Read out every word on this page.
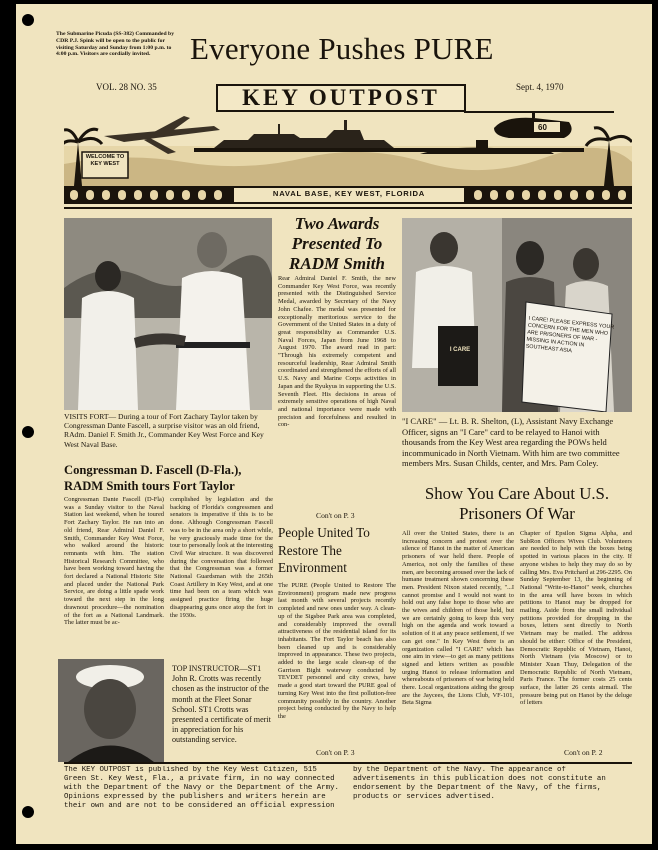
The Submarine Picuda (SS-382) Commanded by CDR P.J. Spink will be open to the public for visiting Saturday and Sunday from 1:00 p.m. to 4:00 p.m. Visitors are cordially invited.	Everyone Pushes PURE
VOL. 28 NO. 35	Sept. 4, 1970
KEY OUTPOST
60
WELCOME TO KEY WEST
NAVAL BASE, KEY WEST, FLORIDA
VISITS FORT— During a tour of Fort Zachary Taylor taken by Congressman Dante Fascell, a surprise visitor was an old friend, RAdm. Daniel F. Smith Jr., Commander Key West Force and Key West Naval Base.
Congressman D. Fascell (D-Fla.), RADM Smith tours Fort Taylor

Congressman Dante Fascell (D-Fla) was a Sunday visitor to the Naval Station last weekend, when he toured Fort Zachary Taylor. He ran into an old friend, Rear Admiral Daniel F. Smith, Commander Key West Force, who walked around the historic remnants with him. The station Historical Research Committee, who have been working toward having the fort declared a National Historic Site and placed under the National Park Service, are doing a little spade work toward the next step in the long drawnout procedure—the nomination of the fort as a National Landmark. The latter must be ac-

complished by legislation and the backing of Florida's congressmen and senators is imperative if this is to be done. Although Congressman Fascell was to be in the area only a short while, he very graciously made time for the tour to personally look at the interesting Civil War structure. It was discovered during the conversation that followed that the Congressman was a former National Guardsman with the 265th Coast Artillery in Key West, and at one time had been on a team which was assigned practice firing the huge disappearing guns once atop the fort in the 1930s.

TOP INSTRUCTOR—ST1 John R. Crotts was recently chosen as the instructor of the month at the Fleet Sonar School. ST1 Crotts was presented a certificate of merit in appreciation for his outstanding service.
Two Awards Presented To RADM Smith

Rear Admiral Daniel F. Smith, the new Commander Key West Force, was recently presented with the Distinguished Service Medal, awarded by Secretary of the Navy John Chafee. The medal was presented for exceptionally meritorious service to the Government of the United States in a duty of great responsibility as Commander U.S. Naval Forces, Japan from June 1968 to August 1970. The award read in part: "Through his extremely competent and resourceful leadership, Rear Admiral Smith coordinated and strengthened the efforts of all U.S. Navy and Marine Corps activities in Japan and the Ryukyus in supporting the U.S. Seventh Fleet. His decisions in areas of extremely sensitive operations of high Naval and national importance were made with precision and forcefulness and resulted in con-

Con't on P. 3
People United To Restore The Environment

The PURE (People United to Restore The Environment) program made new progress last month with several projects recently completed and new ones under way. A clean-up of the Sigsbee Park area was completed, and considerably improved the overall attractiveness of the residential island for its inhabitants. The Fort Taylor beach has also been cleaned up and is considerably improved in appearance. These two projects, added to the large scale clean-up of the Garrison Bight waterway conducted by TEVDET personnel and city crews, have made a good start toward the PURE goal of turning Key West into the first pollution-free community possibly in the country. Another project being conducted by the Navy to help the

Con't on P. 3
I CARE! PLEASE EXPRESS YOUR CONCERN FOR THE MEN WHO ARE PRISONERS OF WAR - MISSING IN ACTION IN SOUTHEAST ASIA
I CARE
"I CARE" — Lt. B. R. Shelton, (L), Assistant Navy Exchange Officer, signs an "I Care" card to be relayed to Hanoi with thousands from the Key West area regarding the POWs held incommunicado in North Vietnam. With him are two committee members Mrs. Susan Childs, center, and Mrs. Pam Coley.
Show You Care About U.S. Prisoners Of War

All over the United States, there is an increasing concern and protest over the silence of Hanoi in the matter of American prisoners of war held there. People of America, not only the families of these men, are becoming aroused over the lack of humane treatment shown concerning these men. President Nixon stated recently, "...I cannot promise and I would not want to hold out any false hope to those who are the wives and children of those held, but we are certainly going to keep this very high on the agenda and work toward a solution of it at any peace settlement, if we can get one." In Key West there is an organization called "I CARE" which has one aim in view—to get as many petitions signed and letters written as possible urging Hanoi to release information and whereabouts of prisoners of war being held there. Local organizations aiding the group are the Jaycees, the Lions Club, VF-101, Beta Sigma

Chapter of Epsilon Sigma Alpha, and SubRon Officers Wives Club. Volunteers are needed to help with the boxes being spotted in various places in the city. If anyone wishes to help they may do so by calling Mrs. Eva Pritchard at 296-2295. On Sunday September 13, the beginning of National "Write-to-Hanoi" week, churches in the area will have boxes in which petitions to Hanoi may be dropped for mailing. Aside from the small individual petitions provided for dropping in the boxes, letters sent directly to North Vietnam may be mailed. The address should be either: Office of the President, Democratic Republic of Vietnam, Hanoi, North Vietnam (via Moscow) or to Minister Xuan Thuy, Delegation of the Democratic Republic of North Vietnam, Paris France. The former costs 25 cents surface, the latter 26 cents airmail. The pressure being put on Hanoi by the deluge of letters

Con't on P. 2
The KEY OUTPOST is published by the Key West Citizen, 515 Green St. Key West, Fla., a private firm, in no way connected with the Department of the Navy or the Department of the Army. Opinions expressed by the publishers and writers herein are their own and are not to be considered an official expression by the Department of the Navy. The appearance of advertisements in this publication does not constitute an endorsement by the Department of the Navy, of the firms, products or services advertised.
